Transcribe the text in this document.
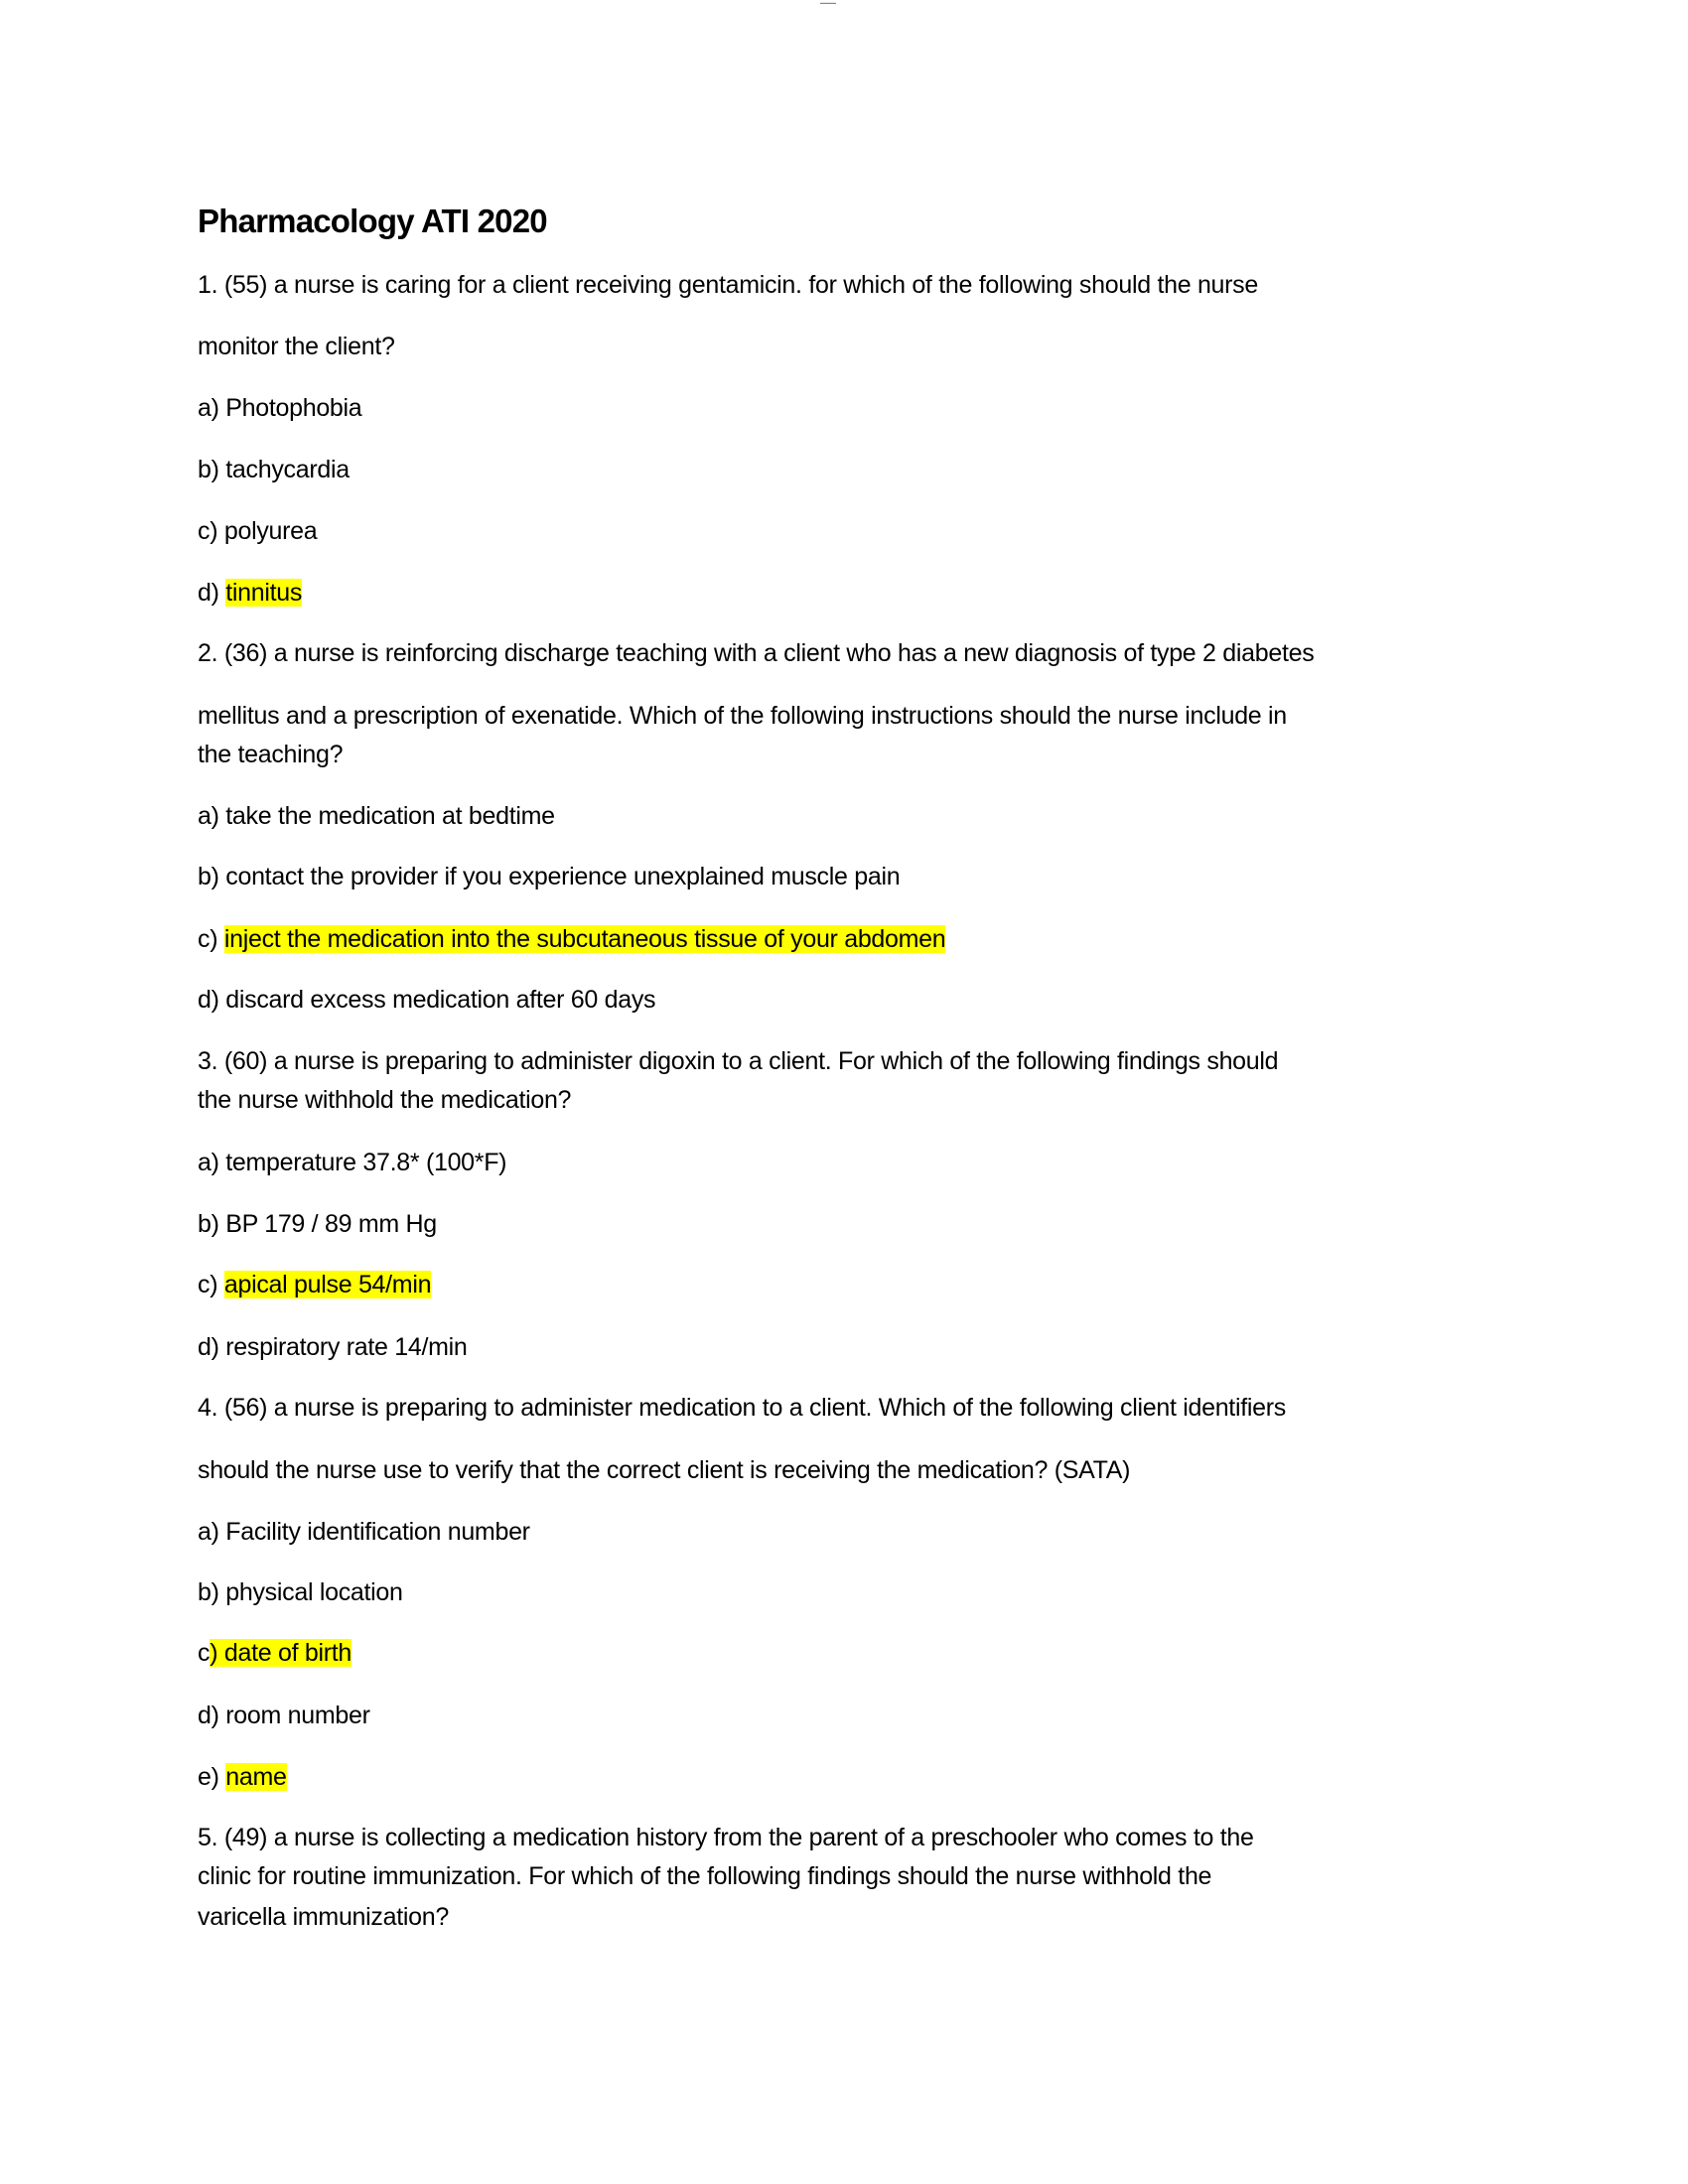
▬▬▬▬
Pharmacology ATI 2020
1. (55) a nurse is caring for a client receiving gentamicin. for which of the following should the nurse
monitor the client?
a) Photophobia
b) tachycardia
c) polyurea
d) tinnitus
2. (36) a nurse is reinforcing discharge teaching with a client who has a new diagnosis of type 2 diabetes
mellitus and a prescription of exenatide. Which of the following instructions should the nurse include in
the teaching?
a) take the medication at bedtime
b) contact the provider if you experience unexplained muscle pain
c) inject the medication into the subcutaneous tissue of your abdomen
d) discard excess medication after 60 days
3. (60) a nurse is preparing to administer digoxin to a client. For which of the following findings should
the nurse withhold the medication?
a) temperature 37.8* (100*F)
b) BP 179 / 89 mm Hg
c) apical pulse 54/min
d) respiratory rate 14/min
4. (56) a nurse is preparing to administer medication to a client. Which of the following client identifiers
should the nurse use to verify that the correct client is receiving the medication? (SATA)
a) Facility identification number
b) physical location
c) date of birth
d) room number
e) name
5. (49) a nurse is collecting a medication history from the parent of a preschooler who comes to the
clinic for routine immunization. For which of the following findings should the nurse withhold the
varicella immunization?
